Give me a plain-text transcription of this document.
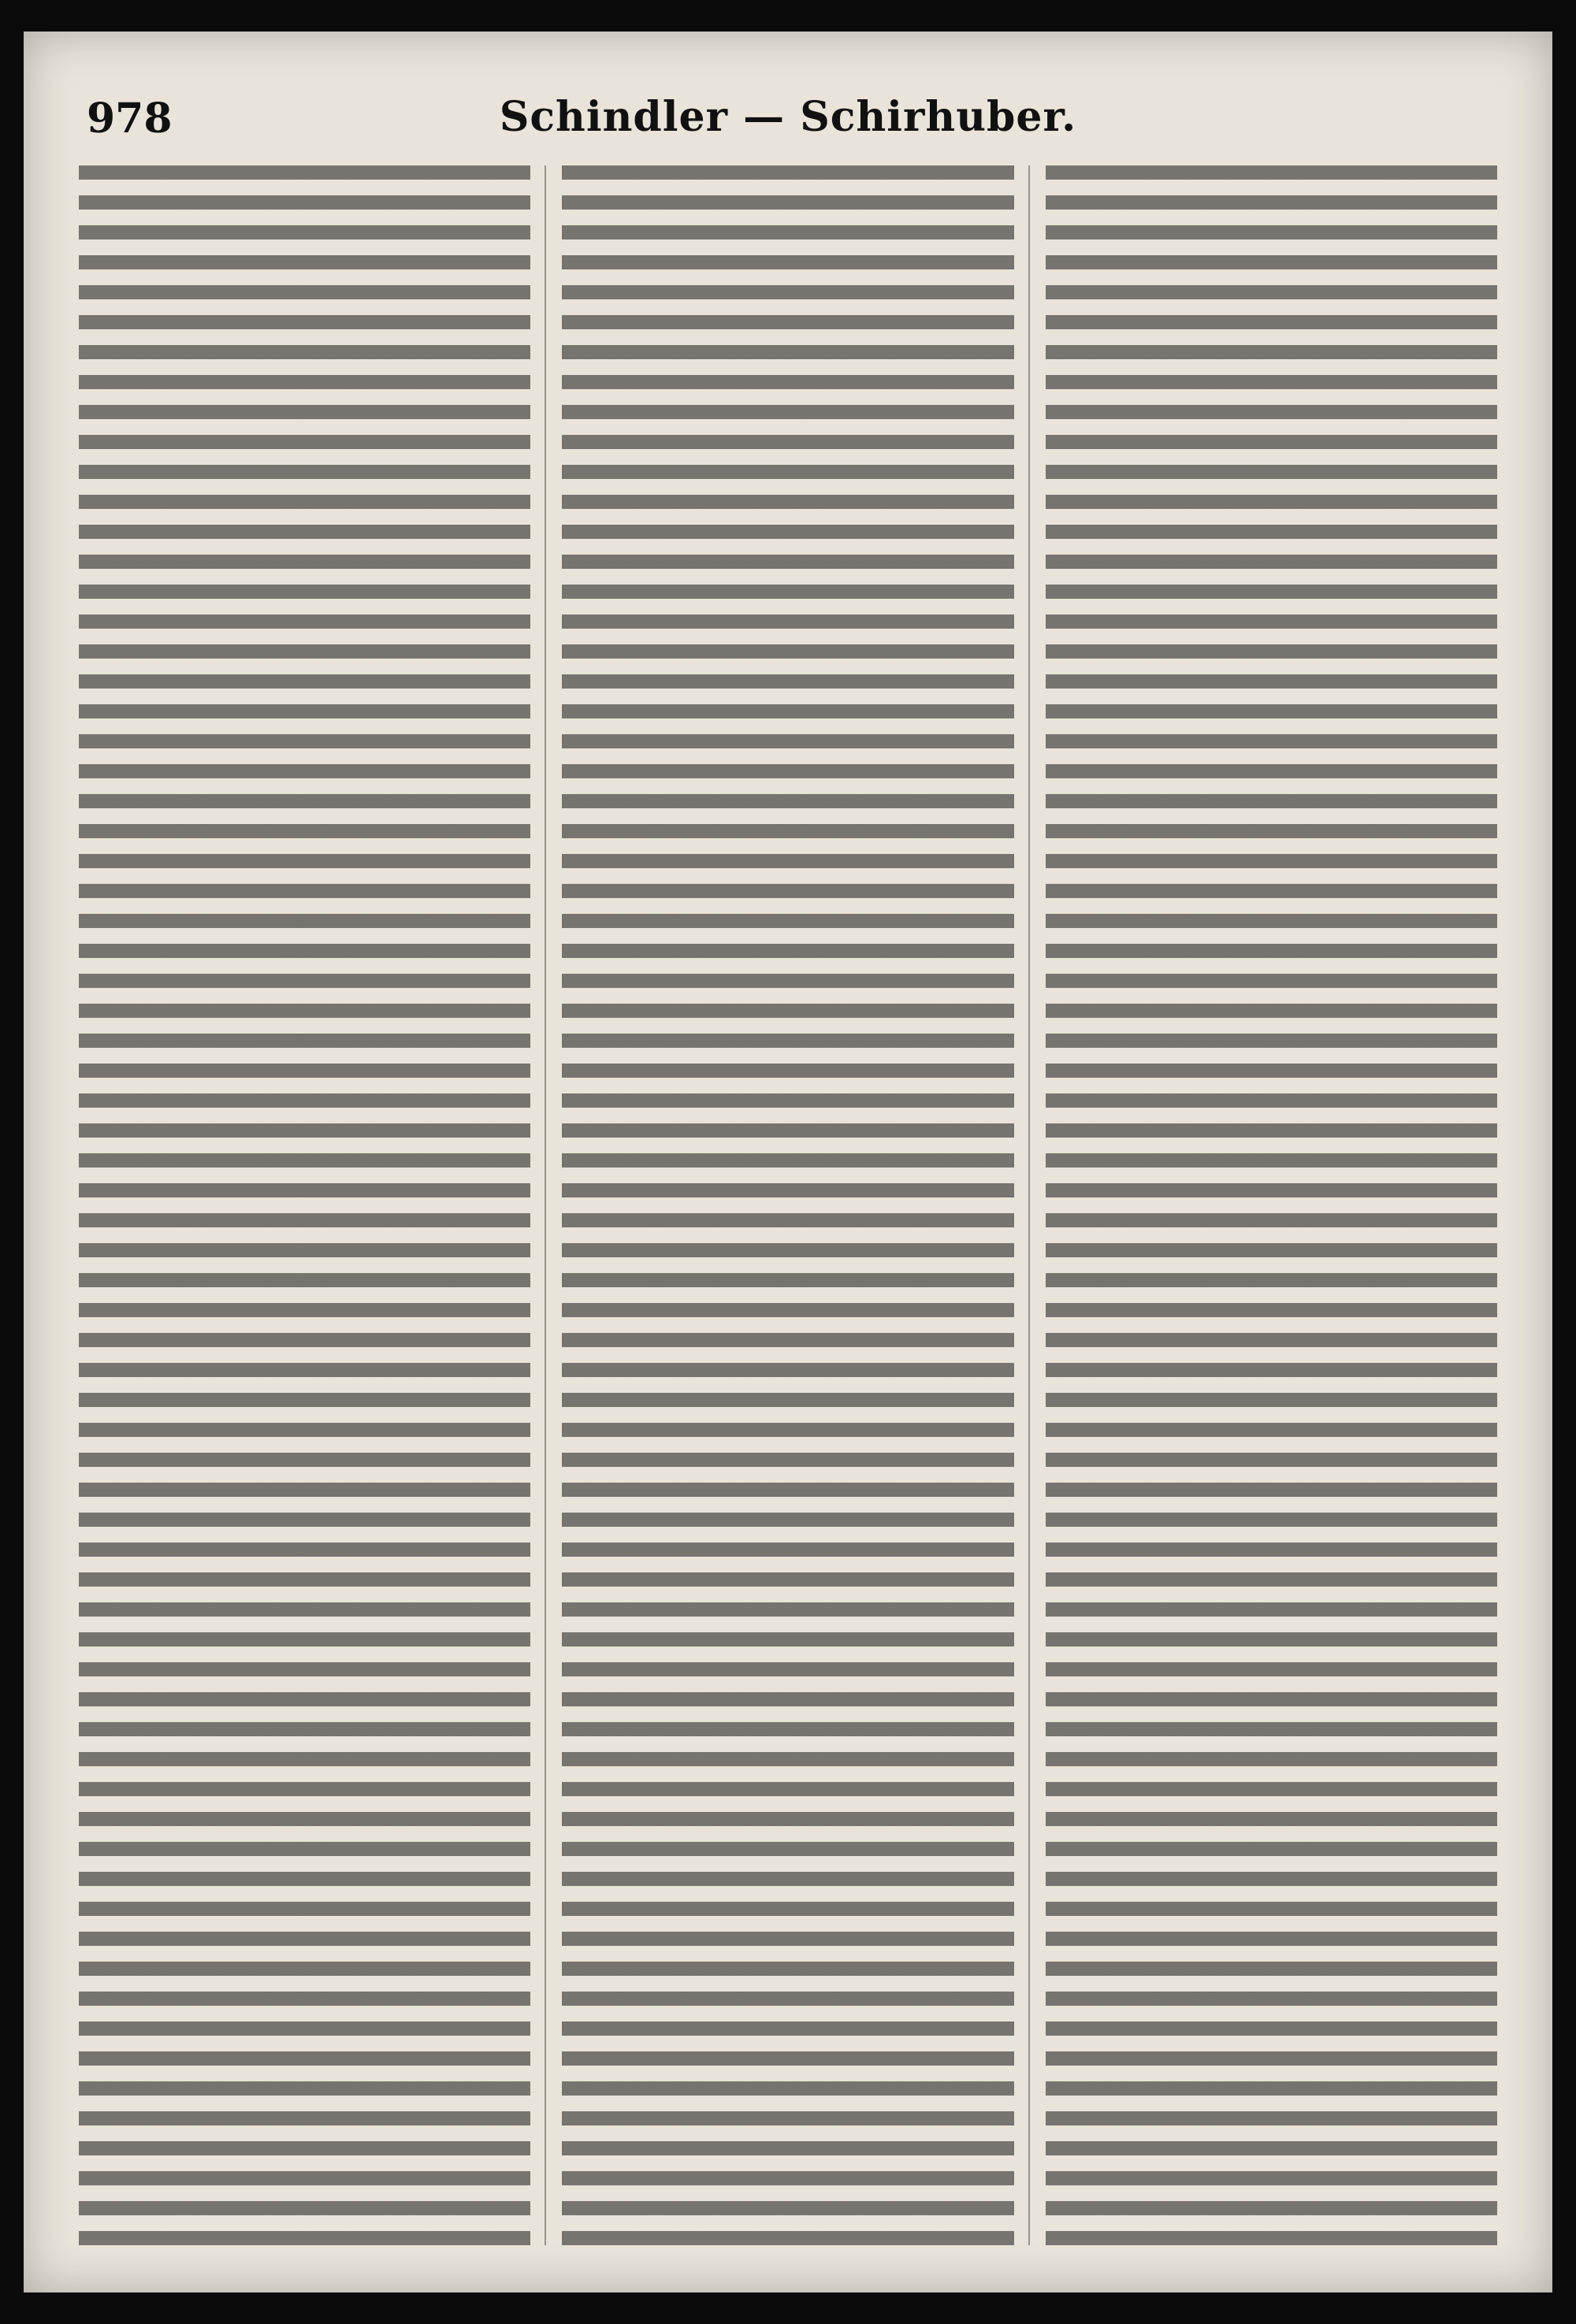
978	Schindler — Schirhuber.
